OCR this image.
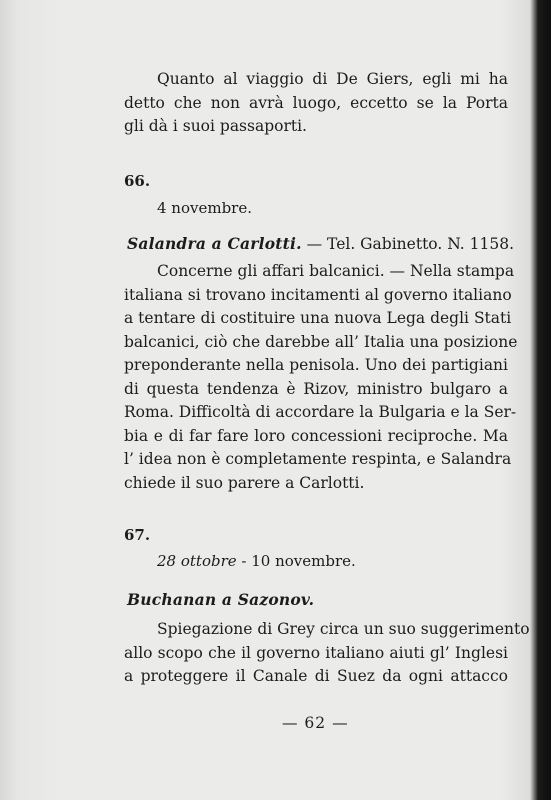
Quanto al viaggio di De Giers, egli mi ha
detto che non avrà luogo, eccetto se la Porta
gli dà i suoi passaporti.
66.
4 novembre.
Salandra a Carlotti. — Tel. Gabinetto. N. 1158.
Concerne gli affari balcanici. — Nella stampa
italiana si trovano incitamenti al governo italiano
a tentare di costituire una nuova Lega degli Stati
balcanici, ciò che darebbe all’ Italia una posizione
preponderante nella penisola. Uno dei partigiani
di questa tendenza è Rizov, ministro bulgaro a
Roma. Difficoltà di accordare la Bulgaria e la Ser-
bia e di far fare loro concessioni reciproche. Ma
l’ idea non è completamente respinta, e Salandra
chiede il suo parere a Carlotti.
67.
28 ottobre - 10 novembre.
Buchanan a Sazonov.
Spiegazione di Grey circa un suo suggerimento
allo scopo che il governo italiano aiuti gl’ Inglesi
a proteggere il Canale di Suez da ogni attacco
— 62 —
